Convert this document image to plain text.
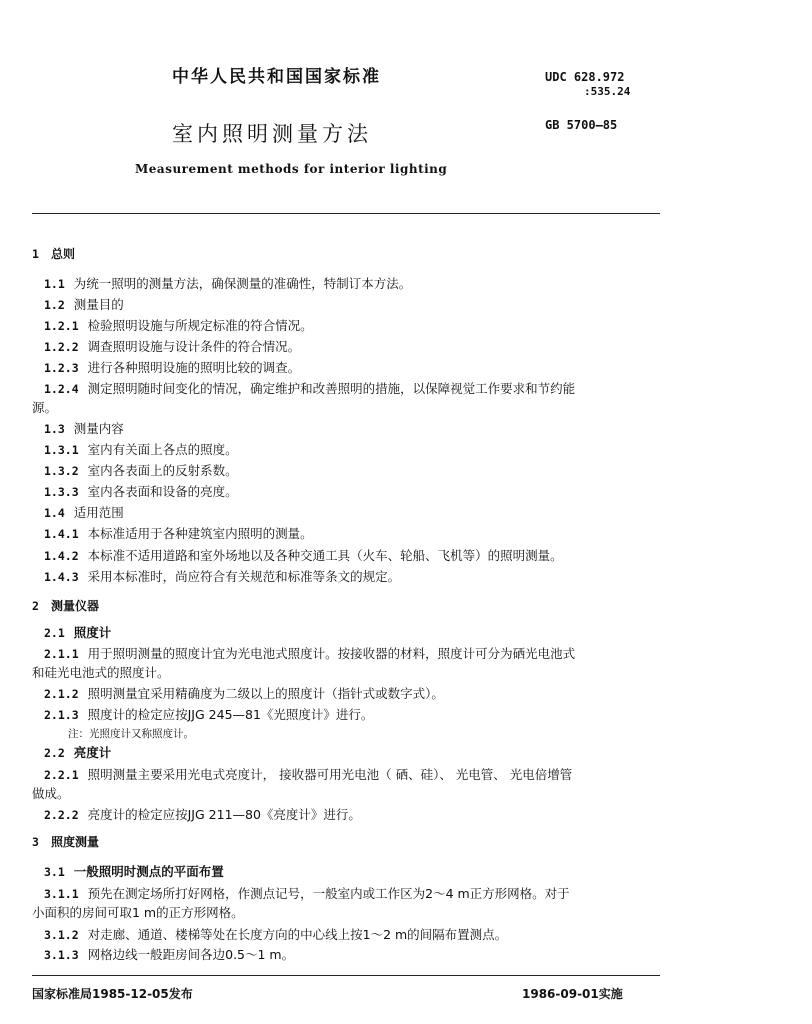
中华人民共和国国家标准	UDC 628.972
:535.24
室内照明测量方法	GB 5700—85
Measurement methods for interior lighting
1 总则
1.1 为统一照明的测量方法，确保测量的准确性，特制订本方法。
1.2 测量目的
1.2.1 检验照明设施与所规定标准的符合情况。
1.2.2 调查照明设施与设计条件的符合情况。
1.2.3 进行各种照明设施的照明比较的调查。
1.2.4 测定照明随时间变化的情况，确定维护和改善照明的措施，以保障视觉工作要求和节约能
源。
1.3 测量内容
1.3.1 室内有关面上各点的照度。
1.3.2 室内各表面上的反射系数。
1.3.3 室内各表面和设备的亮度。
1.4 适用范围
1.4.1 本标准适用于各种建筑室内照明的测量。
1.4.2 本标准不适用道路和室外场地以及各种交通工具（火车、轮船、飞机等）的照明测量。
1.4.3 采用本标准时，尚应符合有关规范和标准等条文的规定。
2 测量仪器
2.1 照度计
2.1.1 用于照明测量的照度计宜为光电池式照度计。按接收器的材料，照度计可分为硒光电池式
和硅光电池式的照度计。
2.1.2 照明测量宜采用精确度为二级以上的照度计（指针式或数字式）。
2.1.3 照度计的检定应按JJG 245—81《光照度计》进行。
注：光照度计又称照度计。
2.2 亮度计
2.2.1 照明测量主要采用光电式亮度计， 接收器可用光电池（ 硒、硅）、 光电管、 光电倍增管
做成。
2.2.2 亮度计的检定应按JJG 211—80《亮度计》进行。
3 照度测量
3.1 一般照明时测点的平面布置
3.1.1 预先在测定场所打好网格，作测点记号，一般室内或工作区为2～4 m正方形网格。对于
小面积的房间可取1 m的正方形网格。
3.1.2 对走廊、通道、楼梯等处在长度方向的中心线上按1～2 m的间隔布置测点。
3.1.3 网格边线一般距房间各边0.5～1 m。
国家标准局1985-12-05发布	1986-09-01实施
